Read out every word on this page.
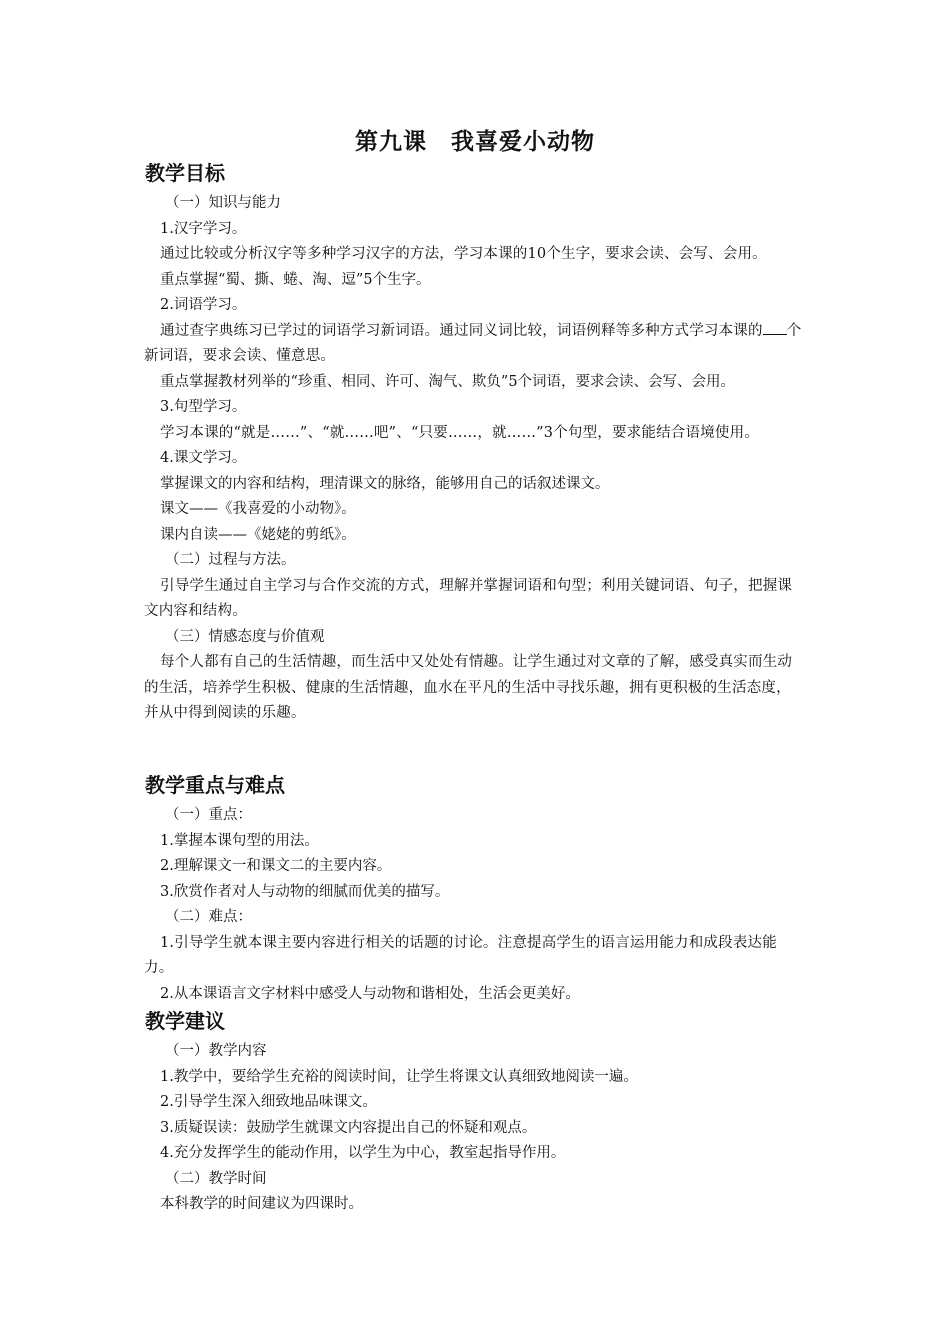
第九课　我喜爱小动物
教学目标

（一）知识与能力

1.汉字学习。

通过比较或分析汉字等多种学习汉字的方法，学习本课的10个生字，要求会读、会写、会用。

重点掌握“蜀、撕、蜷、淘、逗”5个生字。

2.词语学习。

通过查字典练习已学过的词语学习新词语。通过同义词比较，词语例释等多种方式学习本课的 个新词语，要求会读、懂意思。

重点掌握教材列举的“珍重、相同、许可、淘气、欺负”5个词语，要求会读、会写、会用。

3.句型学习。

学习本课的“就是……”、“就……吧”、“只要……，就……”3个句型，要求能结合语境使用。

4.课文学习。

掌握课文的内容和结构，理清课文的脉络，能够用自己的话叙述课文。

课文——《我喜爱的小动物》。

课内自读——《姥姥的剪纸》。

（二）过程与方法。

引导学生通过自主学习与合作交流的方式，理解并掌握词语和句型；利用关键词语、句子，把握课文内容和结构。

（三）情感态度与价值观

每个人都有自己的生活情趣，而生活中又处处有情趣。让学生通过对文章的了解，感受真实而生动的生活，培养学生积极、健康的生活情趣，血水在平凡的生活中寻找乐趣，拥有更积极的生活态度，并从中得到阅读的乐趣。

教学重点与难点

（一）重点：

1.掌握本课句型的用法。

2.理解课文一和课文二的主要内容。

3.欣赏作者对人与动物的细腻而优美的描写。

（二）难点：

1.引导学生就本课主要内容进行相关的话题的讨论。注意提高学生的语言运用能力和成段表达能力。

2.从本课语言文字材料中感受人与动物和谐相处，生活会更美好。

教学建议

（一）教学内容

1.教学中，要给学生充裕的阅读时间，让学生将课文认真细致地阅读一遍。

2.引导学生深入细致地品味课文。

3.质疑误读：鼓励学生就课文内容提出自己的怀疑和观点。

4.充分发挥学生的能动作用，以学生为中心，教室起指导作用。

（二）教学时间

本科教学的时间建议为四课时。
